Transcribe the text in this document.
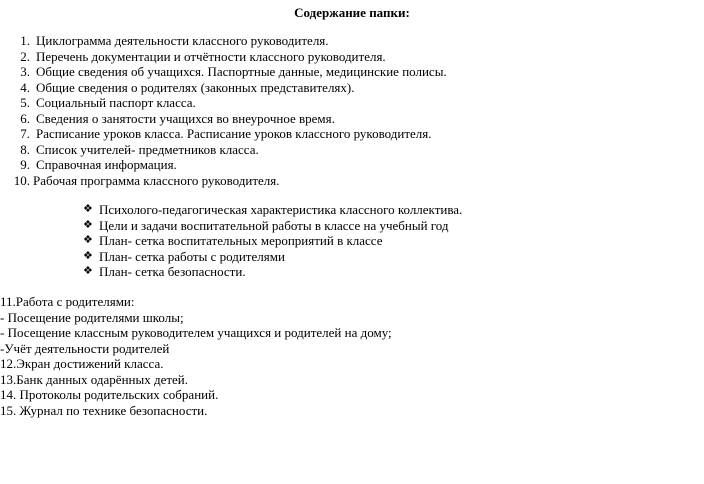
Содержание папки:
1. Циклограмма деятельности классного руководителя.
2. Перечень документации и отчётности классного руководителя.
3. Общие сведения об учащихся. Паспортные данные, медицинские полисы.
4. Общие сведения о родителях (законных представителях).
5. Социальный паспорт класса.
6. Сведения о занятости учащихся во внеурочное время.
7. Расписание уроков класса. Расписание уроков классного руководителя.
8. Список учителей- предметников класса.
9. Справочная информация.
10. Рабочая программа классного руководителя.
❖ Психолого-педагогическая характеристика классного коллектива.
❖ Цели и задачи воспитательной работы в классе на учебный год
❖ План- сетка воспитательных мероприятий в классе
❖ План- сетка работы с родителями
❖ План- сетка безопасности.
11.Работа с родителями:
- Посещение родителями школы;
- Посещение классным руководителем учащихся и родителей на дому;
-Учёт деятельности родителей
12.Экран достижений класса.
13.Банк данных одарённых детей.
14. Протоколы родительских собраний.
15. Журнал по технике безопасности.
